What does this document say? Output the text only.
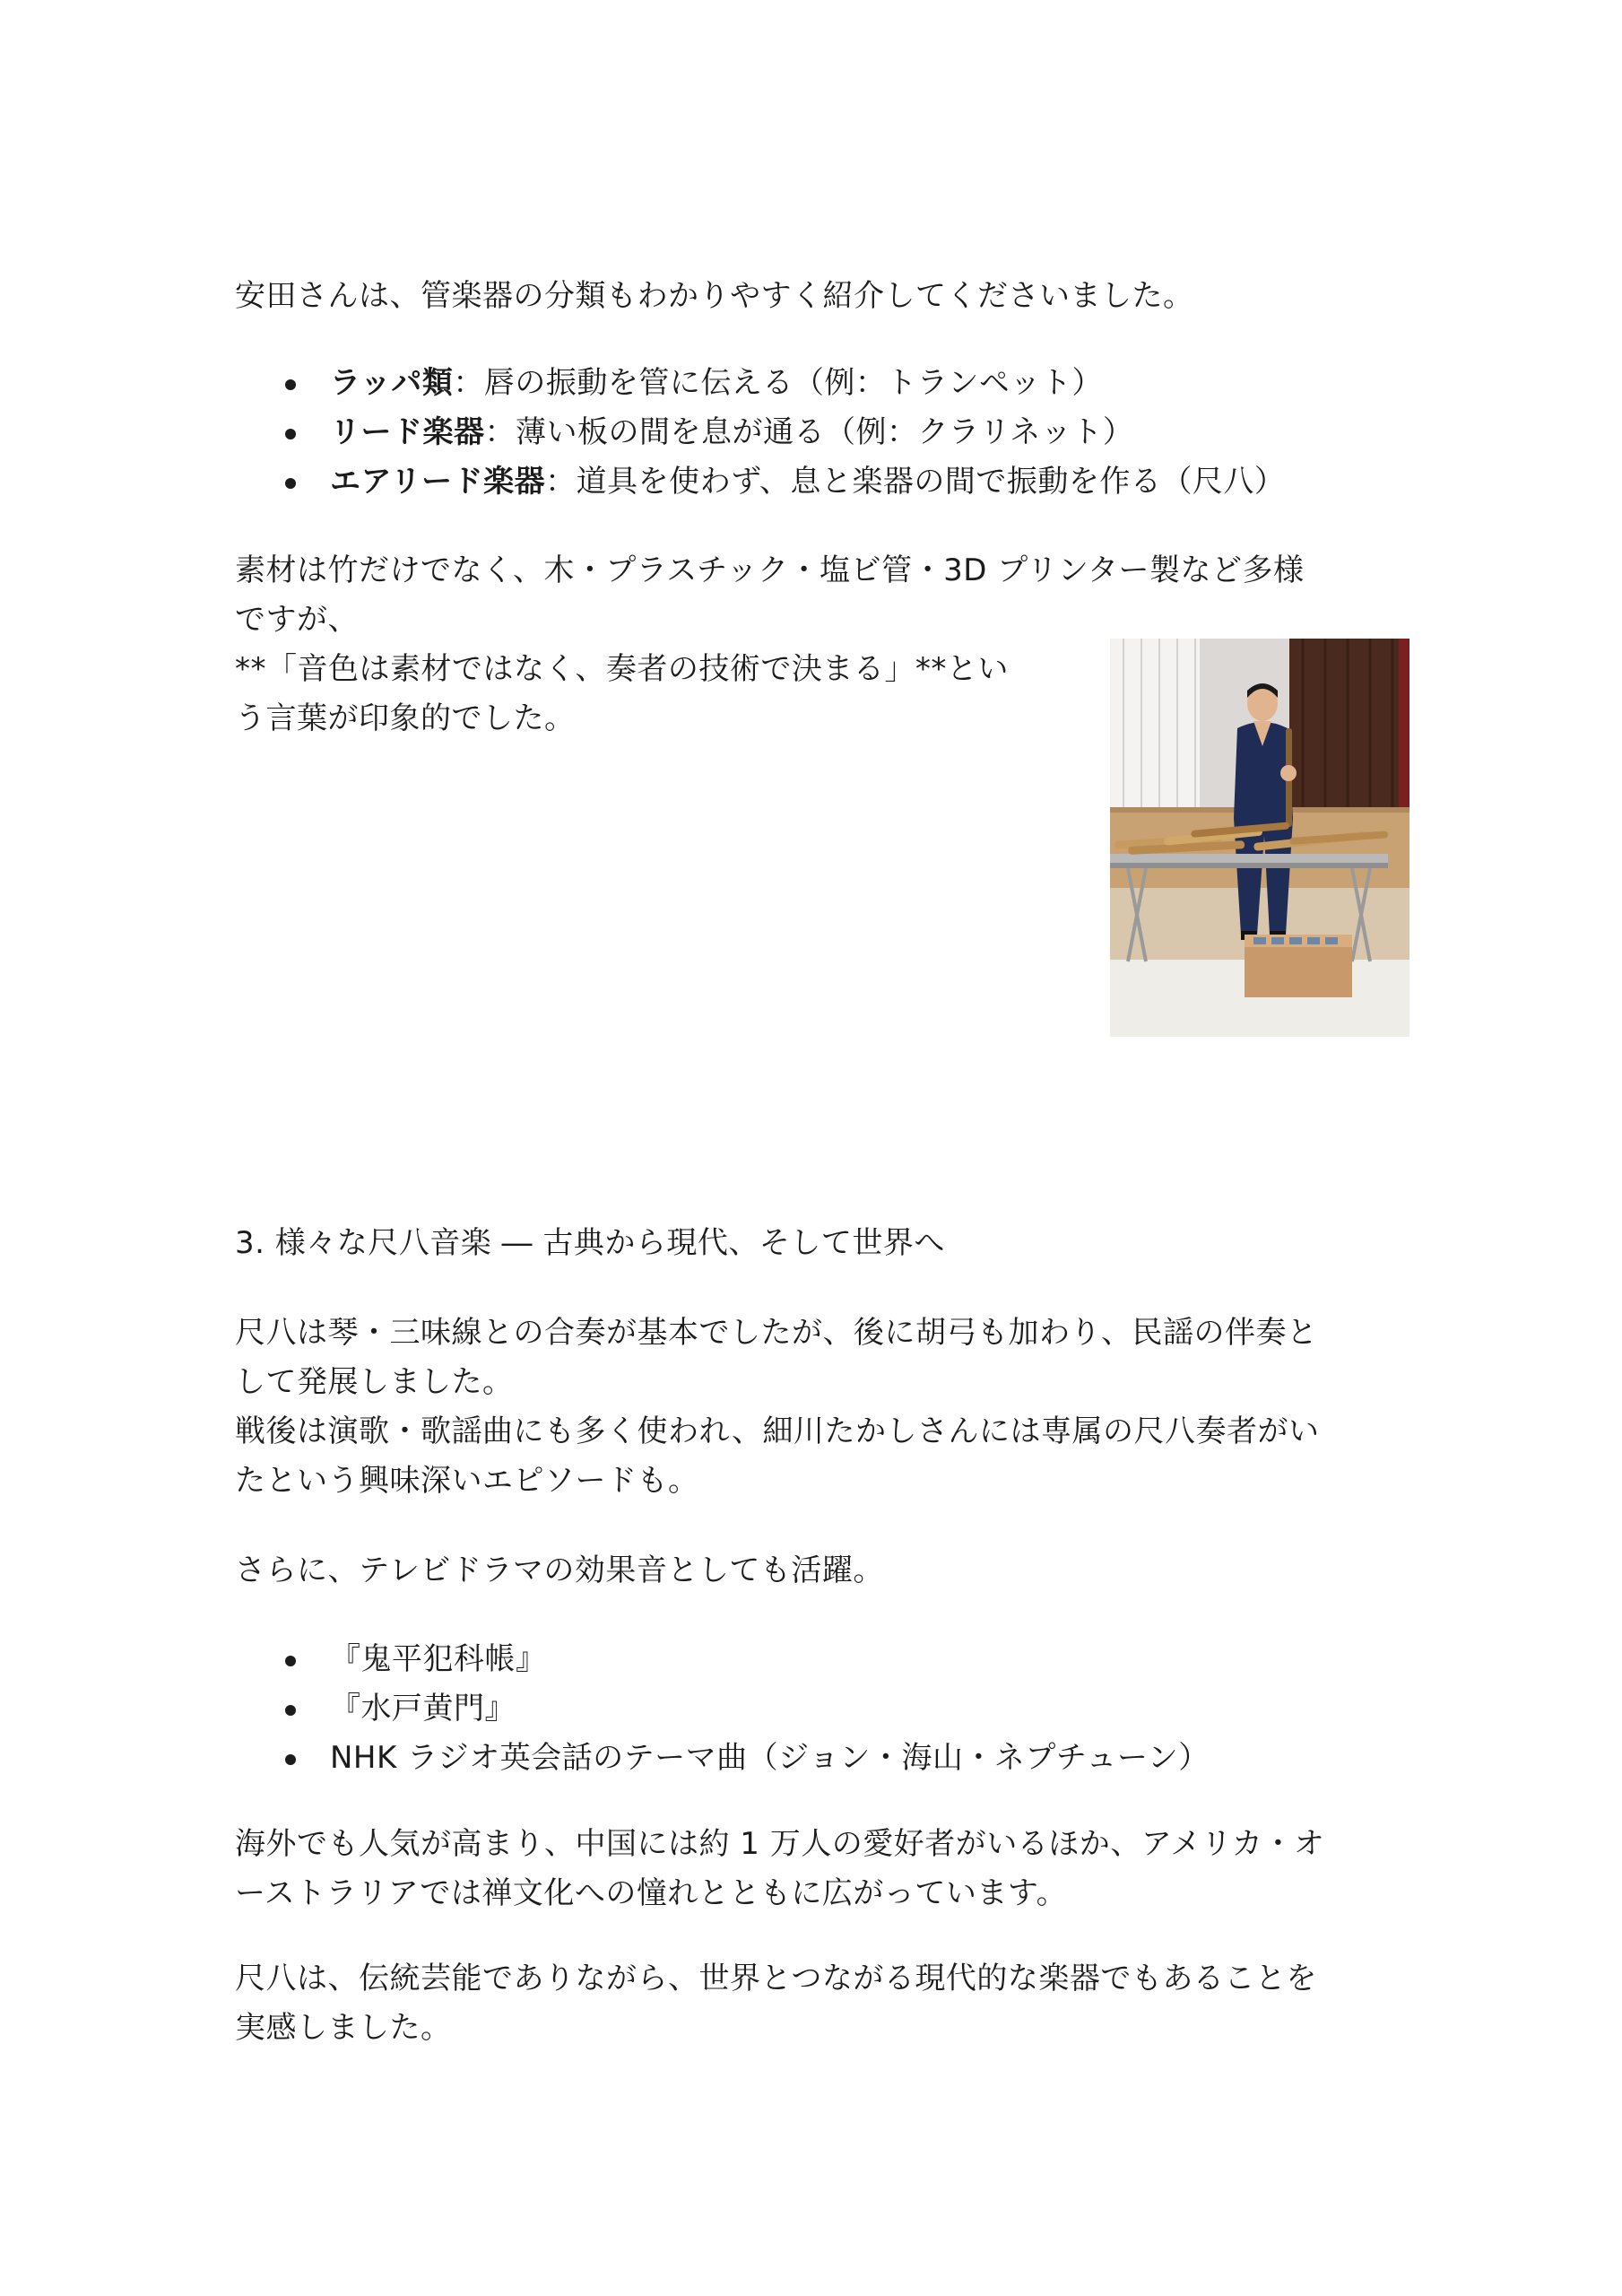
安田さんは、管楽器の分類もわかりやすく紹介してくださいました。
ラッパ類：唇の振動を管に伝える（例：トランペット）
リード楽器：薄い板の間を息が通る（例：クラリネット）
エアリード楽器：道具を使わず、息と楽器の間で振動を作る（尺八）
素材は竹だけでなく、木・プラスチック・塩ビ管・3D プリンター製など多様
ですが、
**「音色は素材ではなく、奏者の技術で決まる」**とい
う言葉が印象的でした。
3. 様々な尺八音楽 ― 古典から現代、そして世界へ
尺八は琴・三味線との合奏が基本でしたが、後に胡弓も加わり、民謡の伴奏と
して発展しました。
戦後は演歌・歌謡曲にも多く使われ、細川たかしさんには専属の尺八奏者がい
たという興味深いエピソードも。
さらに、テレビドラマの効果音としても活躍。
『鬼平犯科帳』
『水戸黄門』
NHK ラジオ英会話のテーマ曲（ジョン・海山・ネプチューン）
海外でも人気が高まり、中国には約 1 万人の愛好者がいるほか、アメリカ・オ
ーストラリアでは禅文化への憧れとともに広がっています。
尺八は、伝統芸能でありながら、世界とつながる現代的な楽器でもあることを
実感しました。
